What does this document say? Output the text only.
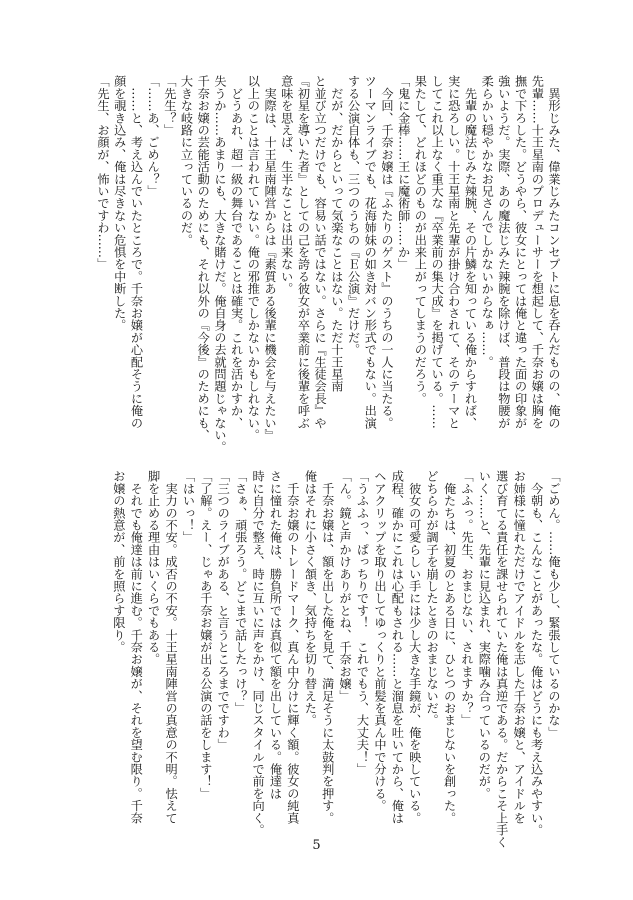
　異形じみた、偉業じみたコンセプトに息を呑んだものの、俺の
先輩……十王星南のプロデューサーを想起して、千奈お嬢は胸を
撫で下ろした。どうやら、彼女にとっては俺と違った面の印象が
強いようだ。実際、あの魔法じみた辣腕を除けば、普段は物腰が
柔らかい穏やかなお兄さんでしかないからなぁ……。
　先輩の魔法じみた辣腕、その片鱗を知っている俺からすれば、
実に恐ろしい。十王星南と先輩が掛け合わされて、そのテーマと
してこれ以上なく重大な『卒業前の集大成』を掲げている。……
果たして、どれほどのものが出来上がってしまうのだろう。
「鬼に金棒……王に魔術師……か」
　今回、千奈お嬢は『ふたりのゲスト』のうちの一人に当たる。
ツーマンライブでも、花海姉妹の如き対バン形式でもない。出演
する公演自体も、三つのうちの『Ｅ公演』だけだ。
　だが、だからといって気楽なことはない。ただ十王星南
と並び立つだけでも、容易い話ではない。さらに『生徒会長』や
『初星を導いた者』としての己を誇る彼女が卒業前に後輩を呼ぶ
意味を思えば、生半なことは出来ない。
　実際は、十王星南陣営からは『素質ある後輩に機会を与えたい』
以上のことは言われていない。俺の邪推でしかないかもしれない。
　どうあれ、超一級の舞台であることは確実。これを活かすか、
失うか……あまりにも、大きな賭けだ。俺自身の去就問題じゃない。
千奈お嬢の芸能活動のためにも、それ以外の『今後』のためにも、
大きな岐路に立っているのだ。
「先生？」
「……あ、ごめん？」
　……と、考え込んでいたところで。千奈お嬢が心配そうに俺の
顔を覗き込み、俺は尽きない危惧を中断した。
「先生、お顔が、怖いですわ……」
「ごめん。……俺も少し、緊張しているのかな」
　今朝も、こんなことがあったな。俺はどうにも考え込みやすい。
お姉様に憧れただけでアイドルを志した千奈お嬢と、アイドルを
選び育てる責任を課せられていた俺は真逆である。だからこそ上手く
いく……と、先輩に見込まれ、実際噛み合っているのだが。
「ふふっ。先生、おまじない、されますか？」
　俺たちは、初夏のとある日に、ひとつのおまじないを創った。
どちらかが調子を崩したときのおまじないだ。
　彼女の可愛らしい手には少し大きな手鏡が、俺を映している。
成程、確かにこれは心配もされる……と溜息を吐いてから、俺は
ヘアクリップを取り出してゆっくりと前髪を真ん中で分ける。
「うふふっ、ぱっちりです！　これでもう、大丈夫！」
「ん。鏡と声かけありがとね、千奈お嬢」
　千奈お嬢は、額を出した俺を見て、満足そうに太鼓判を押す。
俺はそれに小さく頷き、気持ちを切り替えた。
　千奈お嬢のトレードマーク、真ん中分けに輝く額。彼女の純真
さに憧れた俺は、勝負所では真似て額を出している。俺達は
時に自分で整え、時に互いに声をかけ、同じスタイルで前を向く。
「さぁ、頑張ろう。どこまで話したっけ？」
「三つのライブがある、と言うところまでですわ」
「了解。えー、じゃあ千奈お嬢が出る公演の話をします！」
「はいっ！」
　実力の不安。成否の不安。十王星南陣営の真意の不明。怯えて
脚を止める理由はいくらでもある。
　それでも俺達は前に進む。千奈お嬢が、それを望む限り。千奈
お嬢の熱意が、前を照らす限り。
5
